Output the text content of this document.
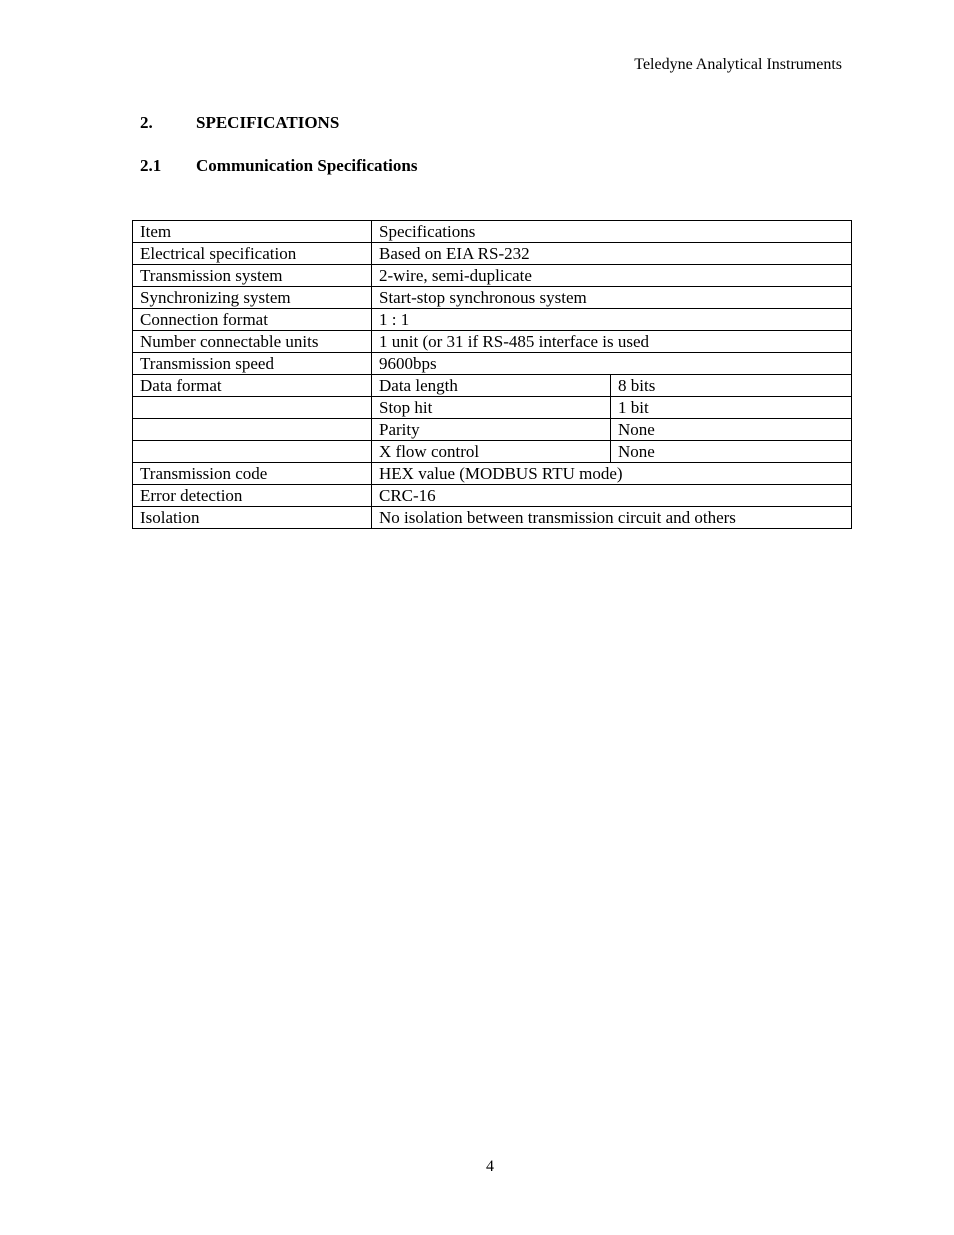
Teledyne Analytical Instruments
2.	SPECIFICATIONS
2.1 Communication Specifications
Item	Specifications	
Electrical specification	Based on EIA RS-232	
Transmission system	2-wire, semi-duplicate	
Synchronizing system	Start-stop synchronous system	
Connection format	1 : 1	
Number connectable units	1 unit (or 31 if RS-485 interface is used	
Transmission speed	9600bps	
Data format	Data length	8 bits
	Stop hit	1 bit
	Parity	None
	X flow control	None
Transmission code	HEX value (MODBUS RTU mode)	
Error detection	CRC-16	
Isolation	No isolation between transmission circuit and others	
4
